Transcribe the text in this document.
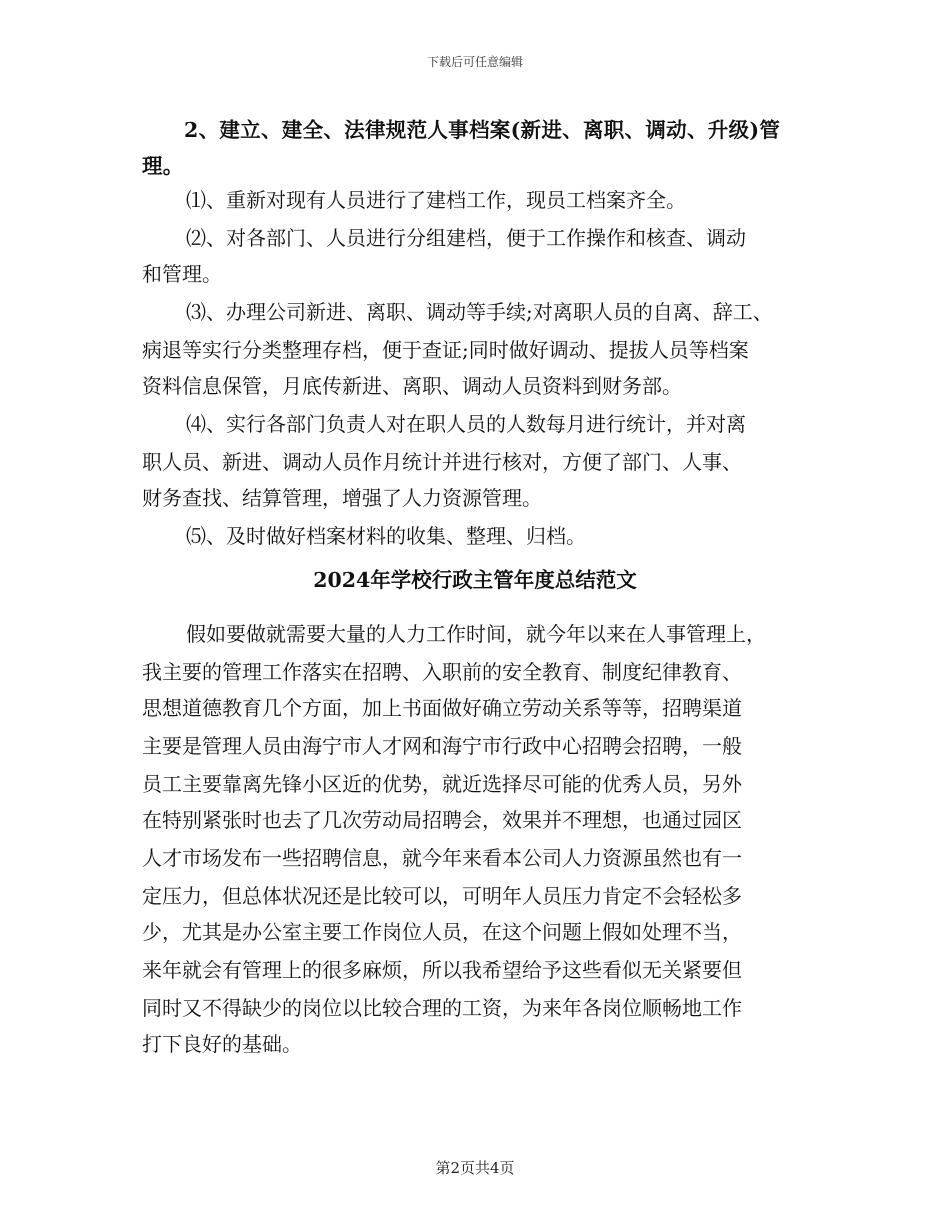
下载后可任意编辑
2、建立、建全、法律规范人事档案(新进、离职、调动、升级)管
理。
⑴、重新对现有人员进行了建档工作，现员工档案齐全。
⑵、对各部门、人员进行分组建档，便于工作操作和核查、调动
和管理。
⑶、办理公司新进、离职、调动等手续;对离职人员的自离、辞工、
病退等实行分类整理存档，便于查证;同时做好调动、提拔人员等档案
资料信息保管，月底传新进、离职、调动人员资料到财务部。
⑷、实行各部门负责人对在职人员的人数每月进行统计，并对离
职人员、新进、调动人员作月统计并进行核对，方便了部门、人事、
财务查找、结算管理，增强了人力资源管理。
⑸、及时做好档案材料的收集、整理、归档。
2024年学校行政主管年度总结范文
假如要做就需要大量的人力工作时间，就今年以来在人事管理上，
我主要的管理工作落实在招聘、入职前的安全教育、制度纪律教育、
思想道德教育几个方面，加上书面做好确立劳动关系等等，招聘渠道
主要是管理人员由海宁市人才网和海宁市行政中心招聘会招聘，一般
员工主要靠离先锋小区近的优势，就近选择尽可能的优秀人员，另外
在特别紧张时也去了几次劳动局招聘会，效果并不理想，也通过园区
人才市场发布一些招聘信息，就今年来看本公司人力资源虽然也有一
定压力，但总体状况还是比较可以，可明年人员压力肯定不会轻松多
少，尤其是办公室主要工作岗位人员，在这个问题上假如处理不当，
来年就会有管理上的很多麻烦，所以我希望给予这些看似无关紧要但
同时又不得缺少的岗位以比较合理的工资，为来年各岗位顺畅地工作
打下良好的基础。
第2页共4页
